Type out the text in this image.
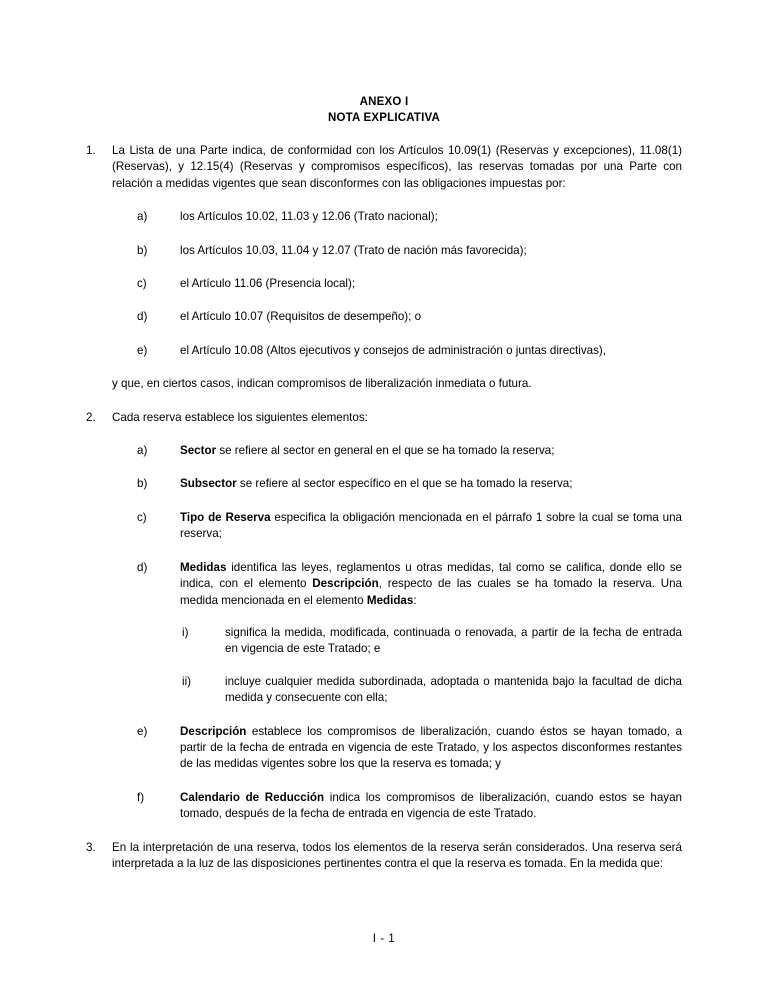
ANEXO I
NOTA EXPLICATIVA
1.	La Lista de una Parte indica, de conformidad con los Artículos 10.09(1) (Reservas y excepciones), 11.08(1) (Reservas), y 12.15(4) (Reservas y compromisos específicos), las reservas tomadas por una Parte con relación a medidas vigentes que sean disconformes con las obligaciones impuestas por:
a)	los Artículos 10.02, 11.03 y 12.06 (Trato nacional);
b)	los Artículos 10.03, 11.04 y 12.07 (Trato de nación más favorecida);
c)	el Artículo 11.06 (Presencia local);
d)	el Artículo 10.07 (Requisitos de desempeño); o
e)	el Artículo 10.08 (Altos ejecutivos y consejos de administración o juntas directivas),
y que, en ciertos casos, indican compromisos de liberalización inmediata o futura.
2.	Cada reserva establece los siguientes elementos:
a)	Sector se refiere al sector en general en el que se ha tomado la reserva;
b)	Subsector se refiere al sector específico en el que se ha tomado la reserva;
c)	Tipo de Reserva especifica la obligación mencionada en el párrafo 1 sobre la cual se toma una reserva;
d)	Medidas identifica las leyes, reglamentos u otras medidas, tal como se califica, donde ello se indica, con el elemento Descripción, respecto de las cuales se ha tomado la reserva. Una medida mencionada en el elemento Medidas:
i)	significa la medida, modificada, continuada o renovada, a partir de la fecha de entrada en vigencia de este Tratado; e
ii)	incluye cualquier medida subordinada, adoptada o mantenida bajo la facultad de dicha medida y consecuente con ella;
e)	Descripción establece los compromisos de liberalización, cuando éstos se hayan tomado, a partir de la fecha de entrada en vigencia de este Tratado, y los aspectos disconformes restantes de las medidas vigentes sobre los que la reserva es tomada; y
f)	Calendario de Reducción indica los compromisos de liberalización, cuando estos se hayan tomado, después de la fecha de entrada en vigencia de este Tratado.
3.	En la interpretación de una reserva, todos los elementos de la reserva serán considerados. Una reserva será interpretada a la luz de las disposiciones pertinentes contra el que la reserva es tomada. En la medida que:
I - 1
